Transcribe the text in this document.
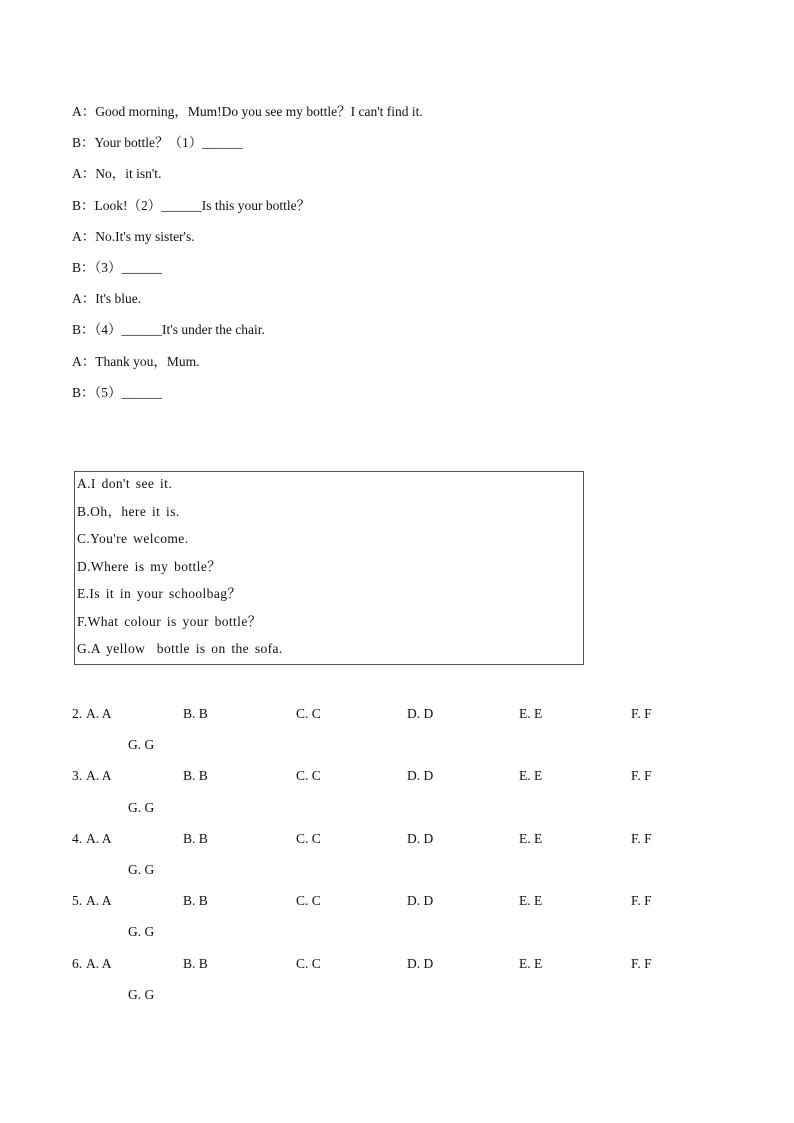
A：Good morning，Mum!Do you see my bottle？I can't find it.
B：Your bottle？（1）______
A：No，it isn't.
B：Look!（2）______Is this your bottle？
A：No.It's my sister's.
B：（3）______
A：It's blue.
B：（4）______It's under the chair.
A：Thank you，Mum.
B：（5）______
A.I don't see it.
B.Oh，here it is.
C.You're welcome.
D.Where is my bottle？
E.Is it in your schoolbag？
F.What colour is your bottle？
G.A yellow  bottle is on the sofa.
2. A. A	B. B	C. C	D. D	E. E	F. F
G. G
3. A. A	B. B	C. C	D. D	E. E	F. F
G. G
4. A. A	B. B	C. C	D. D	E. E	F. F
G. G
5. A. A	B. B	C. C	D. D	E. E	F. F
G. G
6. A. A	B. B	C. C	D. D	E. E	F. F
G. G
